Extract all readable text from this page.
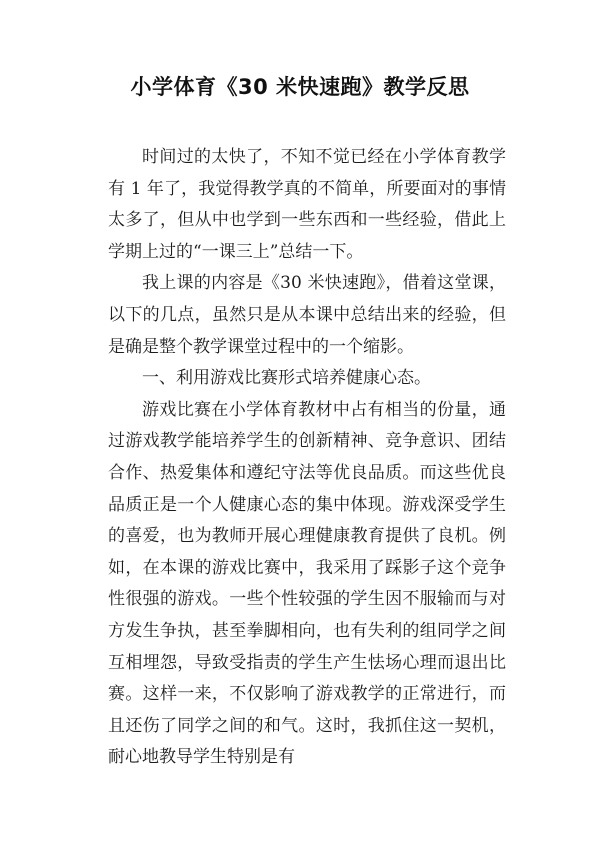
小学体育《30 米快速跑》教学反思

时间过的太快了，不知不觉已经在小学体育教学有 1 年了，我觉得教学真的不简单，所要面对的事情太多了，但从中也学到一些东西和一些经验，借此上学期上过的“一课三上”总结一下。

我上课的内容是《30 米快速跑》，借着这堂课，以下的几点，虽然只是从本课中总结出来的经验，但是确是整个教学课堂过程中的一个缩影。

一、利用游戏比赛形式培养健康心态。

游戏比赛在小学体育教材中占有相当的份量，通过游戏教学能培养学生的创新精神、竞争意识、团结合作、热爱集体和遵纪守法等优良品质。而这些优良品质正是一个人健康心态的集中体现。游戏深受学生的喜爱，也为教师开展心理健康教育提供了良机。例如，在本课的游戏比赛中，我采用了踩影子这个竞争性很强的游戏。一些个性较强的学生因不服输而与对方发生争执，甚至拳脚相向，也有失利的组同学之间互相埋怨，导致受指责的学生产生怯场心理而退出比赛。这样一来，不仅影响了游戏教学的正常进行，而且还伤了同学之间的和气。这时，我抓住这一契机，耐心地教导学生特别是有
